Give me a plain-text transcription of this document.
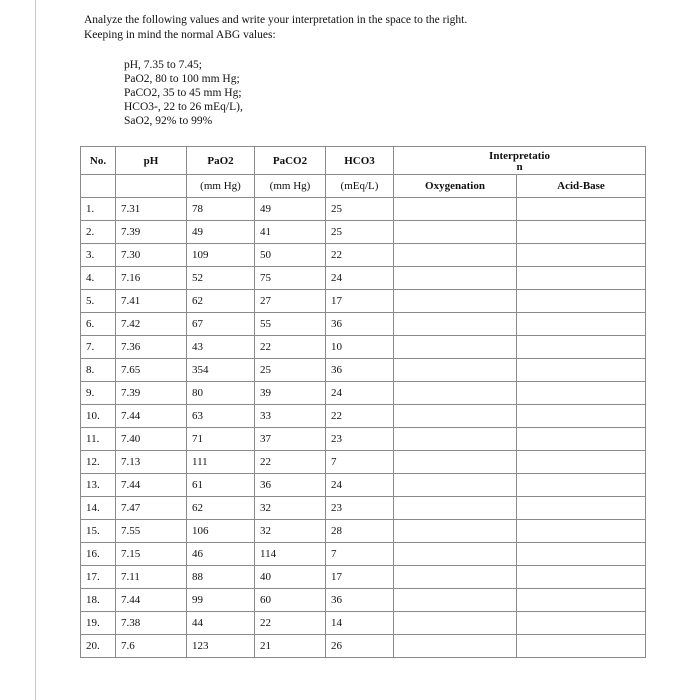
Analyze the following values and write your interpretation in the space to the right.
Keeping in mind the normal ABG values:
pH, 7.35 to 7.45;
PaO2, 80 to 100 mm Hg;
PaCO2, 35 to 45 mm Hg;
HCO3-, 22 to 26 mEq/L),
SaO2, 92% to 99%
No.	pH	PaO2	PaCO2	HCO3	Interpretatio
n	
		(mm Hg)	(mm Hg)	(mEq/L)	Oxygenation	Acid-Base
1.	7.31	78	49	25		
2.	7.39	49	41	25		
3.	7.30	109	50	22		
4.	7.16	52	75	24		
5.	7.41	62	27	17		
6.	7.42	67	55	36		
7.	7.36	43	22	10		
8.	7.65	354	25	36		
9.	7.39	80	39	24		
10.	7.44	63	33	22		
11.	7.40	71	37	23		
12.	7.13	111	22	7		
13.	7.44	61	36	24		
14.	7.47	62	32	23		
15.	7.55	106	32	28		
16.	7.15	46	114	7		
17.	7.11	88	40	17		
18.	7.44	99	60	36		
19.	7.38	44	22	14		
20.	7.6	123	21	26		
